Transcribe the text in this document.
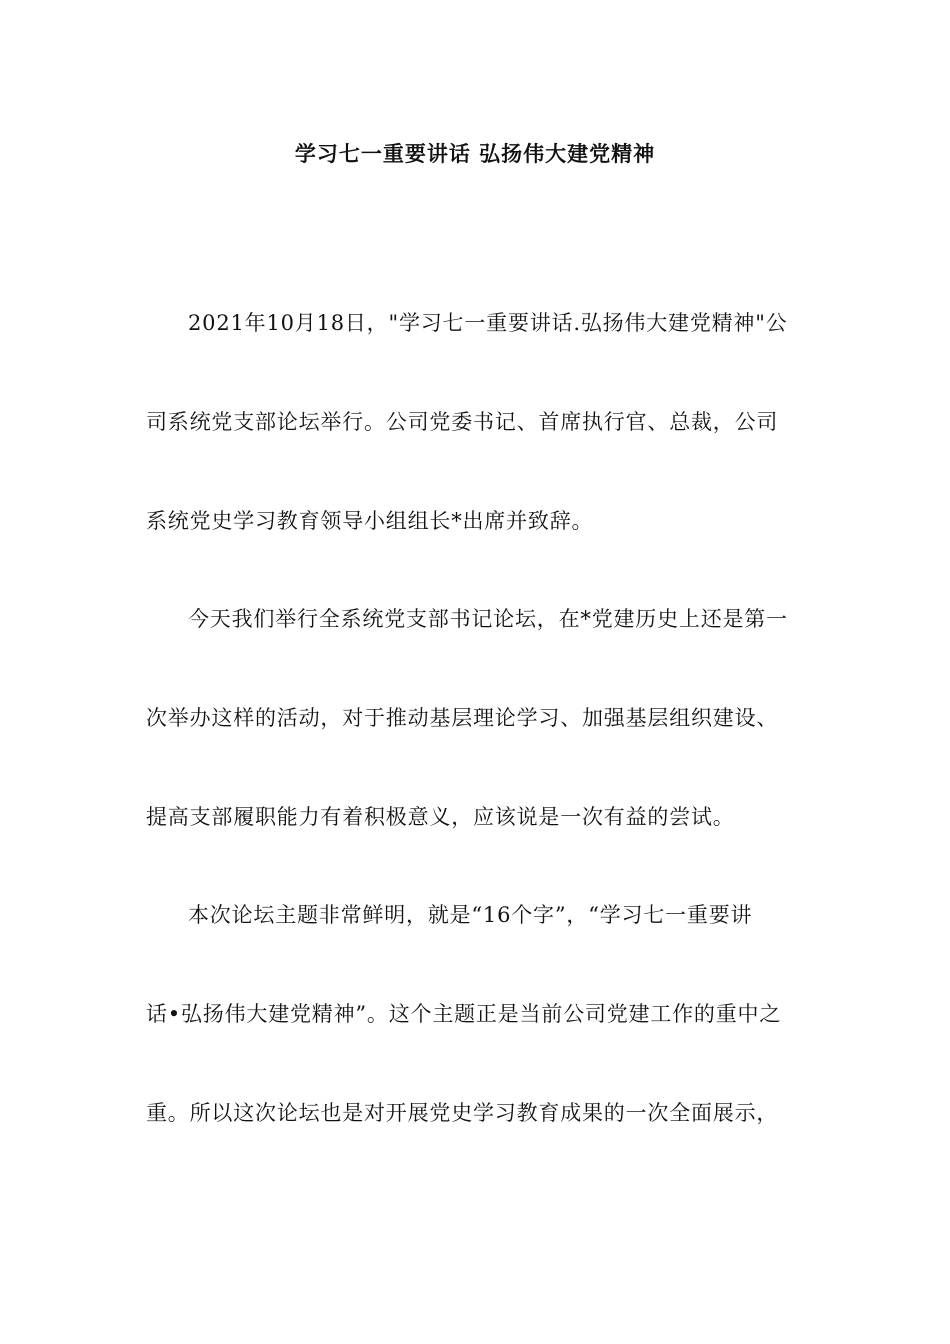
学习七一重要讲话 弘扬伟大建党精神
2021年10月18日，"学习七一重要讲话.弘扬伟大建党精神"公
司系统党支部论坛举行。公司党委书记、首席执行官、总裁，公司
系统党史学习教育领导小组组长*出席并致辞。
今天我们举行全系统党支部书记论坛，在*党建历史上还是第一
次举办这样的活动，对于推动基层理论学习、加强基层组织建设、
提高支部履职能力有着积极意义，应该说是一次有益的尝试。
本次论坛主题非常鲜明，就是“16个字”，“学习七一重要讲
话•弘扬伟大建党精神”。这个主题正是当前公司党建工作的重中之
重。所以这次论坛也是对开展党史学习教育成果的一次全面展示，
